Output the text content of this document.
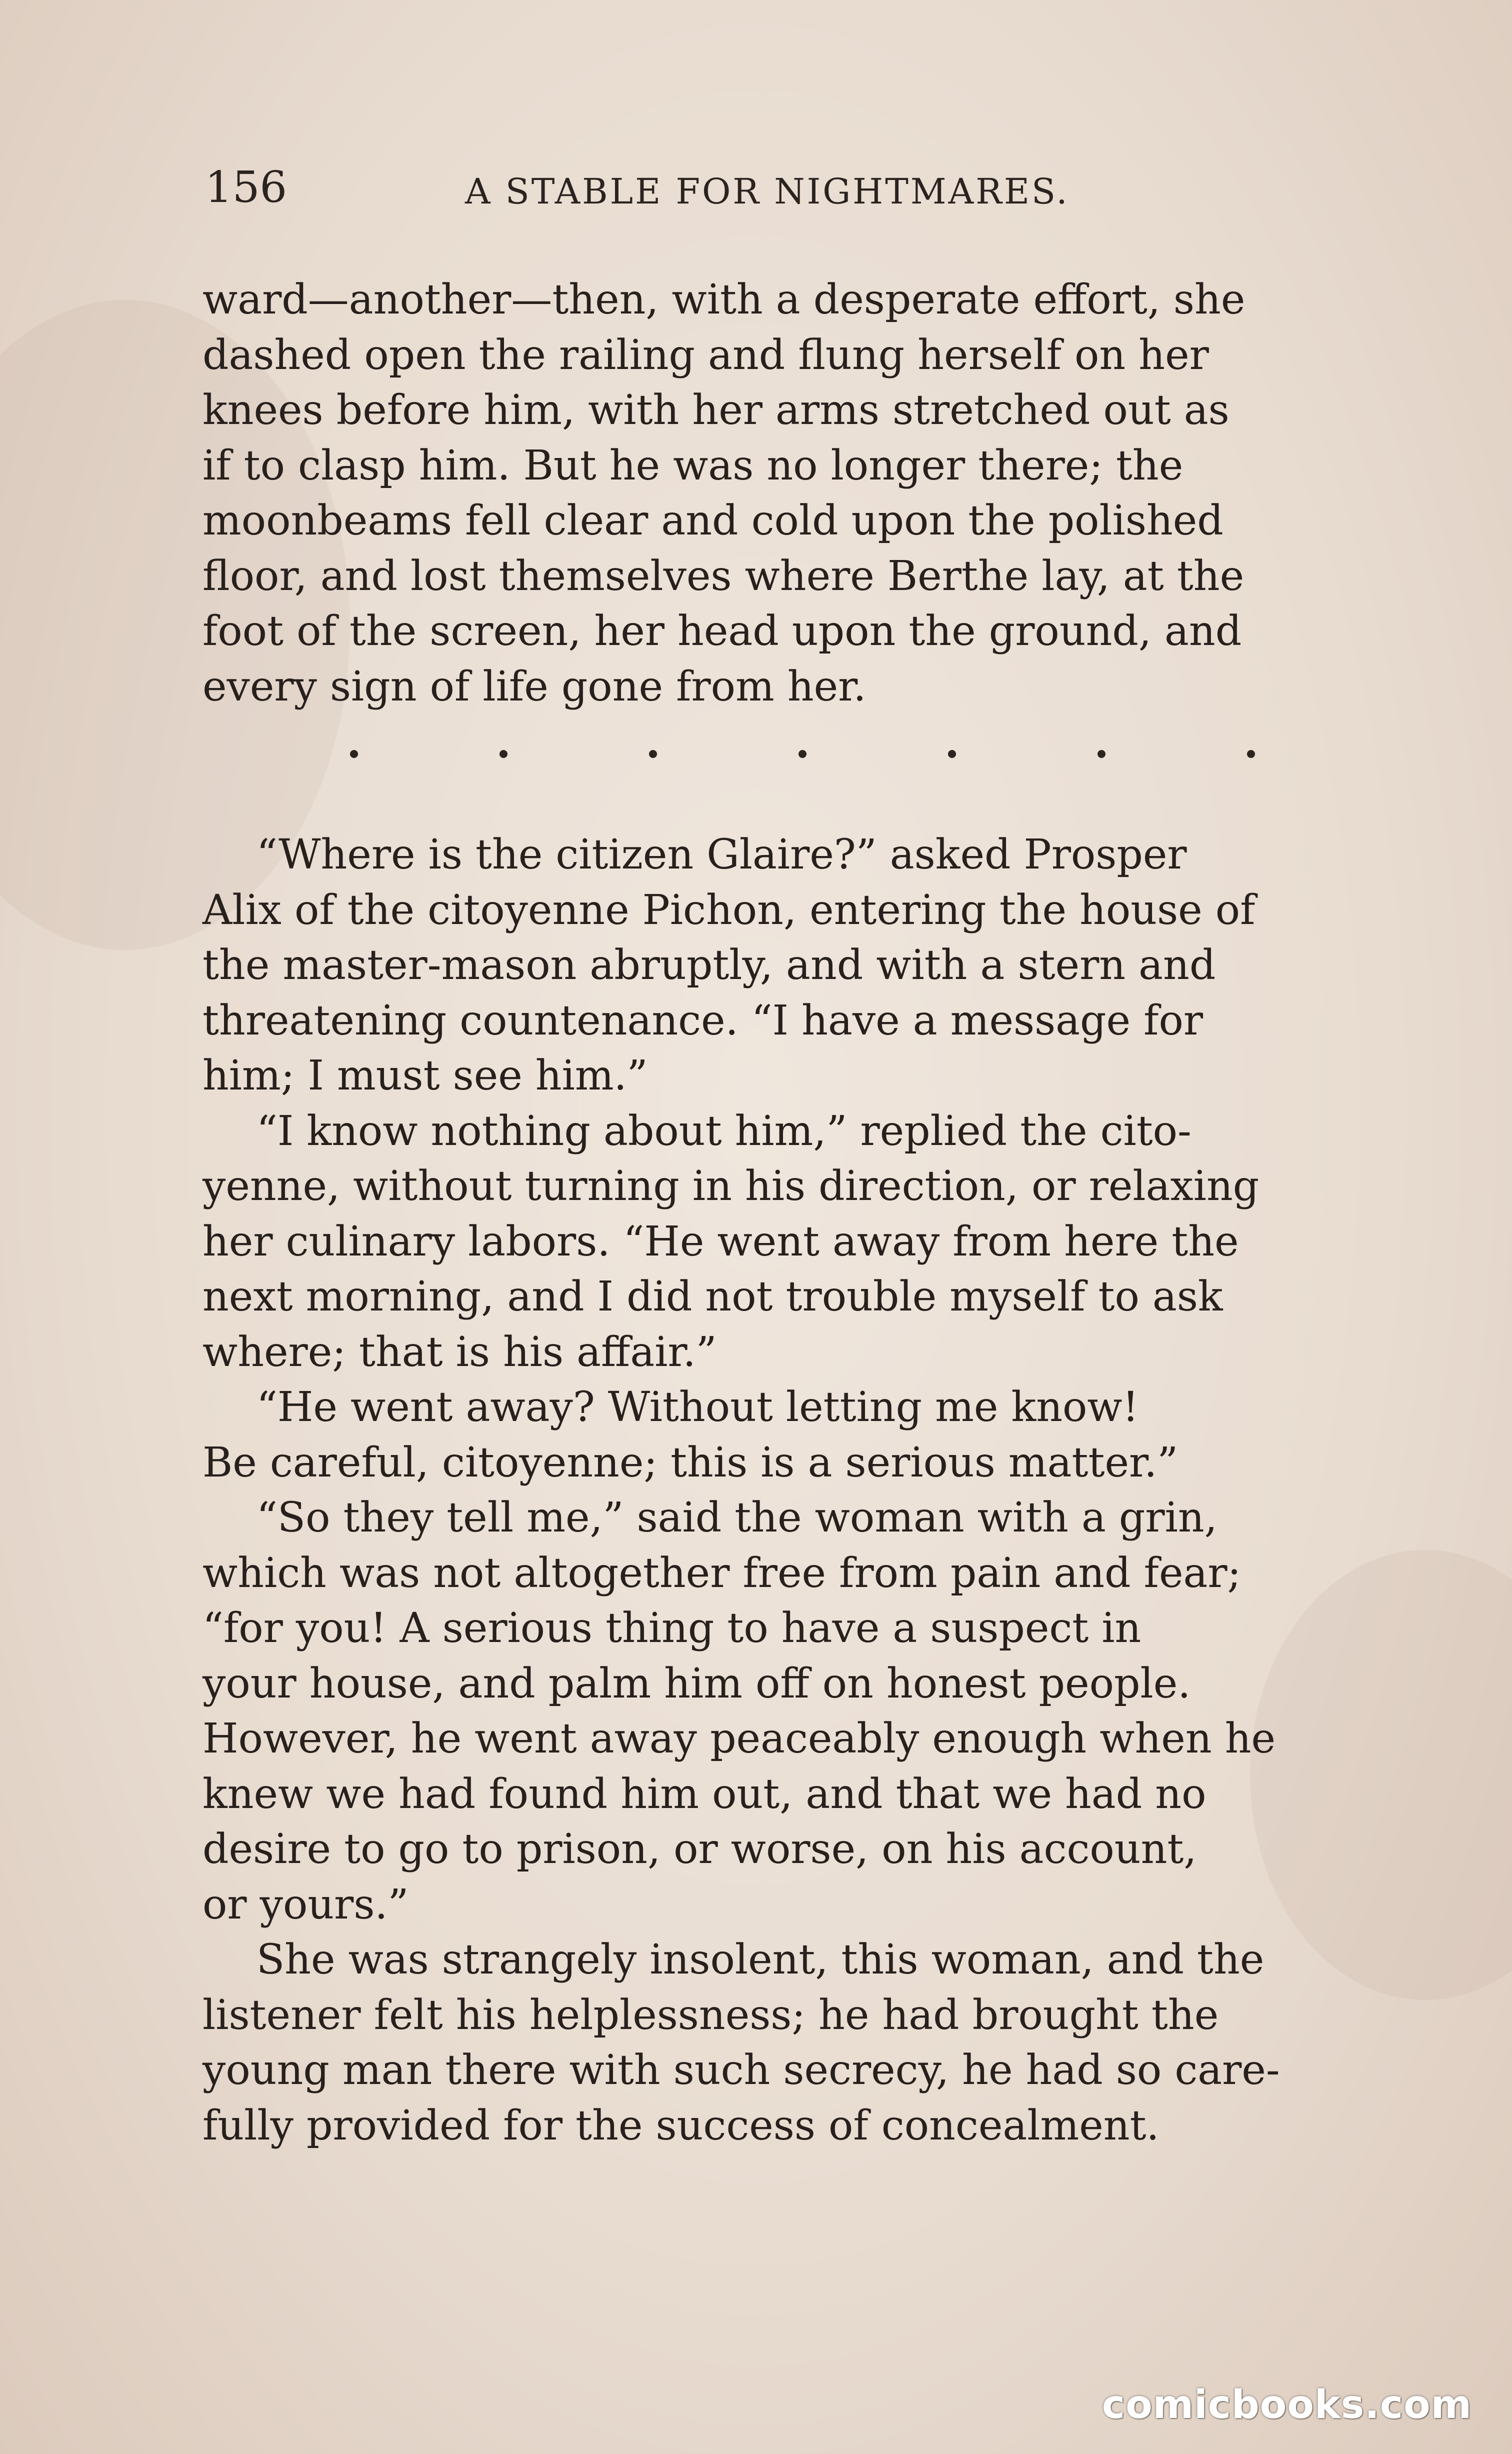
156	A STABLE FOR NIGHTMARES.

ward—another—then, with a desperate effort, she
dashed open the railing and flung herself on her
knees before him, with her arms stretched out as
if to clasp him. But he was no longer there; the
moonbeams fell clear and cold upon the polished
floor, and lost themselves where Berthe lay, at the
foot of the screen, her head upon the ground, and
every sign of life gone from her.

“Where is the citizen Glaire?” asked Prosper
Alix of the citoyenne Pichon, entering the house of
the master-mason abruptly, and with a stern and
threatening countenance. “I have a message for
him; I must see him.”

“I know nothing about him,” replied the cito-
yenne, without turning in his direction, or relaxing
her culinary labors. “He went away from here the
next morning, and I did not trouble myself to ask
where; that is his affair.”

“He went away? Without letting me know!
Be careful, citoyenne; this is a serious matter.”

“So they tell me,” said the woman with a grin,
which was not altogether free from pain and fear;
“for you! A serious thing to have a suspect in
your house, and palm him off on honest people.
However, he went away peaceably enough when he
knew we had found him out, and that we had no
desire to go to prison, or worse, on his account,
or yours.”

She was strangely insolent, this woman, and the
listener felt his helplessness; he had brought the
young man there with such secrecy, he had so care-
fully provided for the success of concealment.

comicbooks.com
